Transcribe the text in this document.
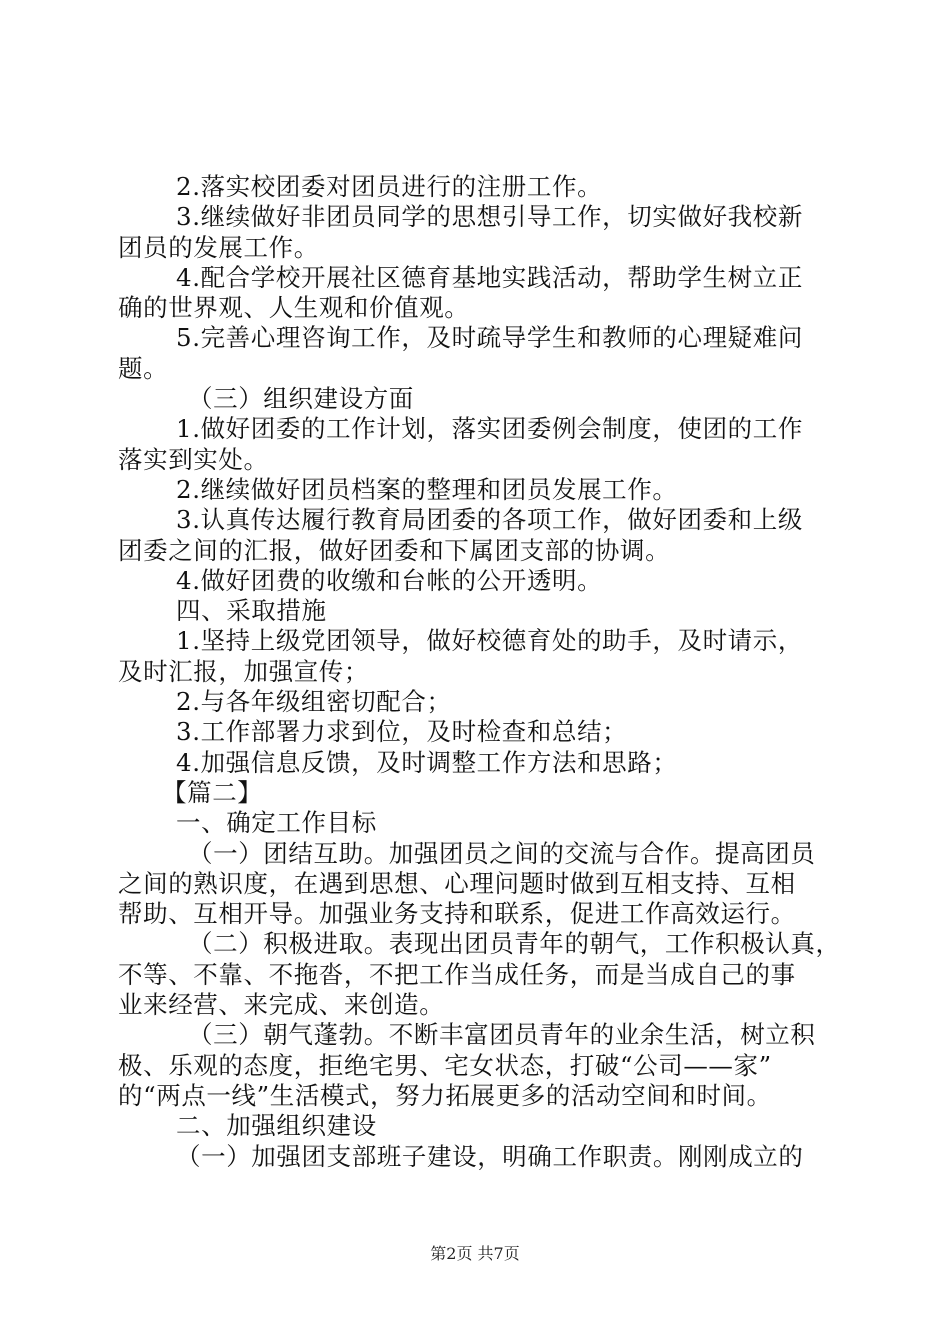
2.落实校团委对团员进行的注册工作。

3.继续做好非团员同学的思想引导工作，切实做好我校新

团员的发展工作。

4.配合学校开展社区德育基地实践活动，帮助学生树立正

确的世界观、人生观和价值观。

5.完善心理咨询工作，及时疏导学生和教师的心理疑难问

题。

（三）组织建设方面

1.做好团委的工作计划，落实团委例会制度，使团的工作

落实到实处。

2.继续做好团员档案的整理和团员发展工作。

3.认真传达履行教育局团委的各项工作，做好团委和上级

团委之间的汇报，做好团委和下属团支部的协调。

4.做好团费的收缴和台帐的公开透明。

四、采取措施

1.坚持上级党团领导，做好校德育处的助手，及时请示，

及时汇报，加强宣传；

2.与各年级组密切配合；

3.工作部署力求到位，及时检查和总结；

4.加强信息反馈，及时调整工作方法和思路；

【篇二】

一、确定工作目标

（一）团结互助。加强团员之间的交流与合作。提高团员

之间的熟识度，在遇到思想、心理问题时做到互相支持、互相

帮助、互相开导。加强业务支持和联系，促进工作高效运行。

（二）积极进取。表现出团员青年的朝气，工作积极认真，

不等、不靠、不拖沓，不把工作当成任务，而是当成自己的事

业来经营、来完成、来创造。

（三）朝气蓬勃。不断丰富团员青年的业余生活，树立积

极、乐观的态度，拒绝宅男、宅女状态，打破“公司——家”

的“两点一线”生活模式，努力拓展更多的活动空间和时间。

二、加强组织建设

（一）加强团支部班子建设，明确工作职责。刚刚成立的

第2页 共7页
